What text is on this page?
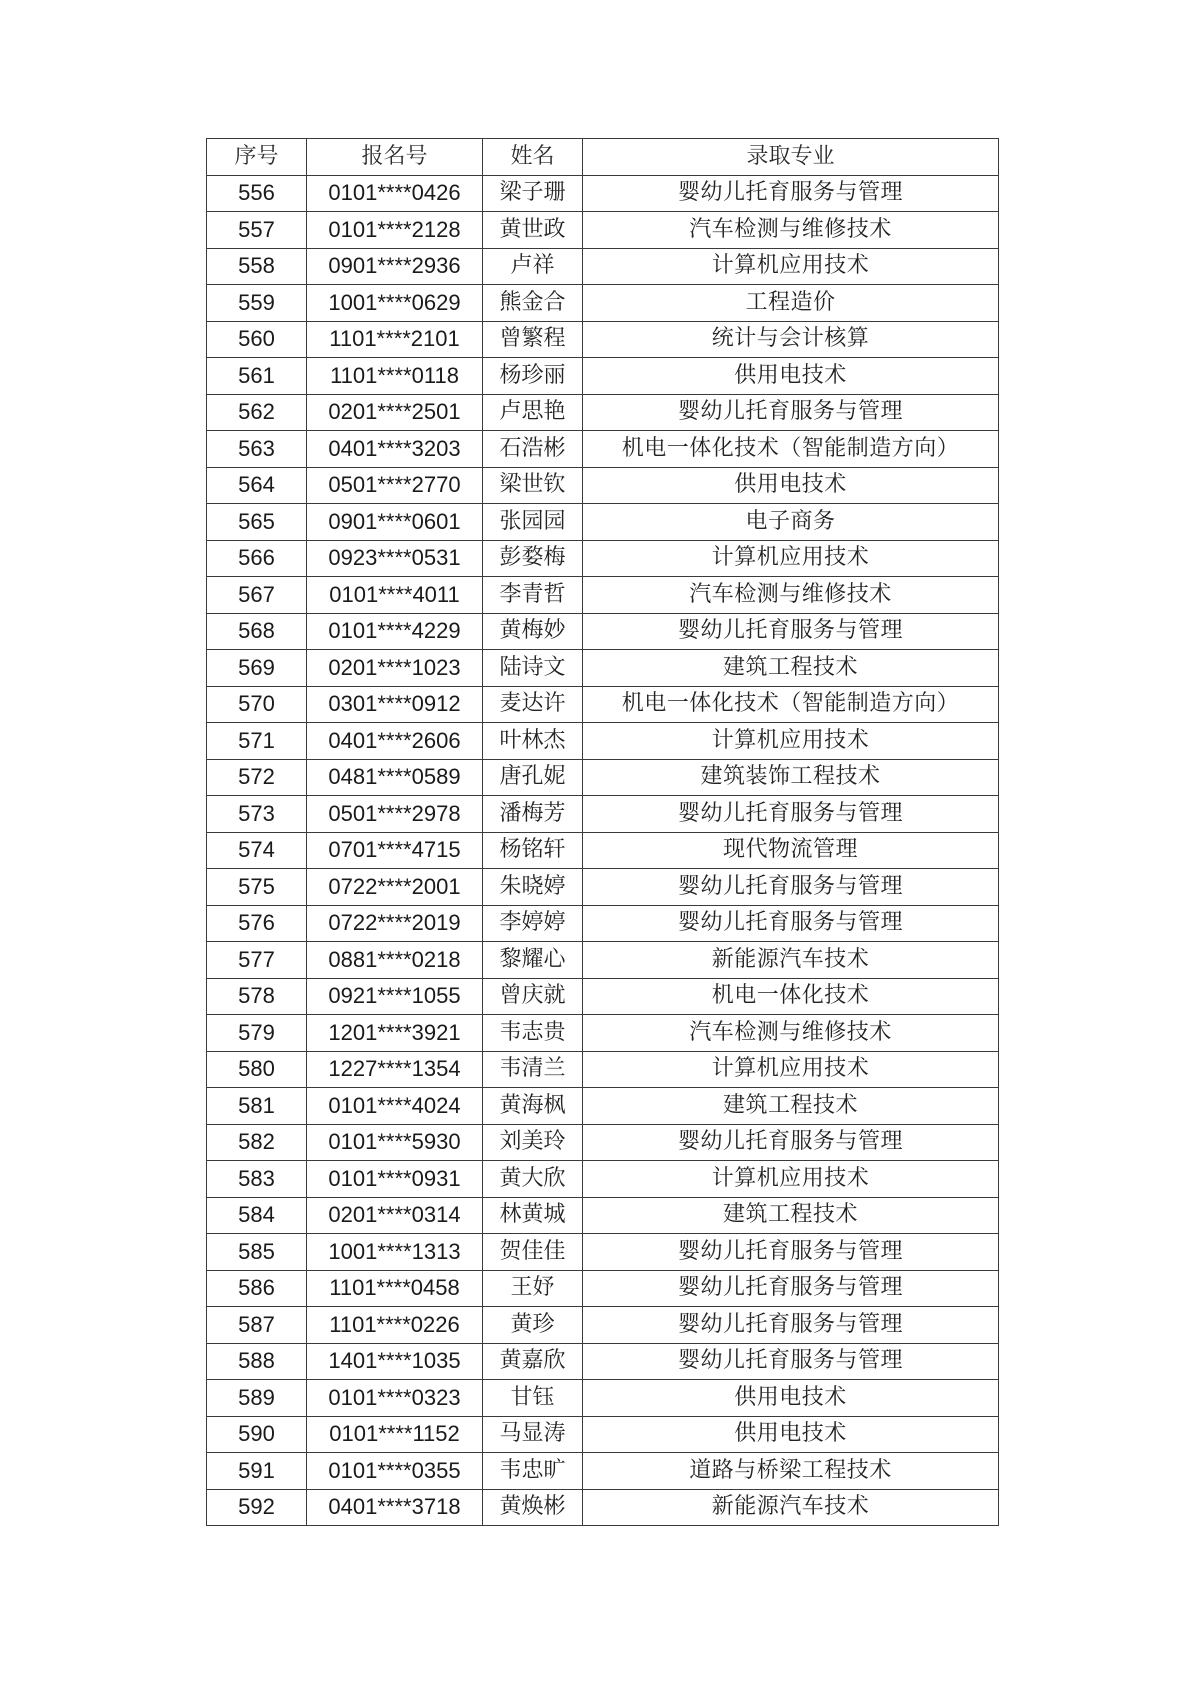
序号	报名号	姓名	录取专业
556	0101****0426	梁子珊	婴幼儿托育服务与管理
557	0101****2128	黄世政	汽车检测与维修技术
558	0901****2936	卢祥	计算机应用技术
559	1001****0629	熊金合	工程造价
560	1101****2101	曾繁程	统计与会计核算
561	1101****0118	杨珍丽	供用电技术
562	0201****2501	卢思艳	婴幼儿托育服务与管理
563	0401****3203	石浩彬	机电一体化技术（智能制造方向）
564	0501****2770	梁世钦	供用电技术
565	0901****0601	张园园	电子商务
566	0923****0531	彭婺梅	计算机应用技术
567	0101****4011	李青哲	汽车检测与维修技术
568	0101****4229	黄梅妙	婴幼儿托育服务与管理
569	0201****1023	陆诗文	建筑工程技术
570	0301****0912	麦达许	机电一体化技术（智能制造方向）
571	0401****2606	叶林杰	计算机应用技术
572	0481****0589	唐孔妮	建筑装饰工程技术
573	0501****2978	潘梅芳	婴幼儿托育服务与管理
574	0701****4715	杨铭轩	现代物流管理
575	0722****2001	朱晓婷	婴幼儿托育服务与管理
576	0722****2019	李婷婷	婴幼儿托育服务与管理
577	0881****0218	黎耀心	新能源汽车技术
578	0921****1055	曾庆就	机电一体化技术
579	1201****3921	韦志贵	汽车检测与维修技术
580	1227****1354	韦清兰	计算机应用技术
581	0101****4024	黄海枫	建筑工程技术
582	0101****5930	刘美玲	婴幼儿托育服务与管理
583	0101****0931	黄大欣	计算机应用技术
584	0201****0314	林黄城	建筑工程技术
585	1001****1313	贺佳佳	婴幼儿托育服务与管理
586	1101****0458	王妤	婴幼儿托育服务与管理
587	1101****0226	黄珍	婴幼儿托育服务与管理
588	1401****1035	黄嘉欣	婴幼儿托育服务与管理
589	0101****0323	甘钰	供用电技术
590	0101****1152	马显涛	供用电技术
591	0101****0355	韦忠旷	道路与桥梁工程技术
592	0401****3718	黄焕彬	新能源汽车技术
